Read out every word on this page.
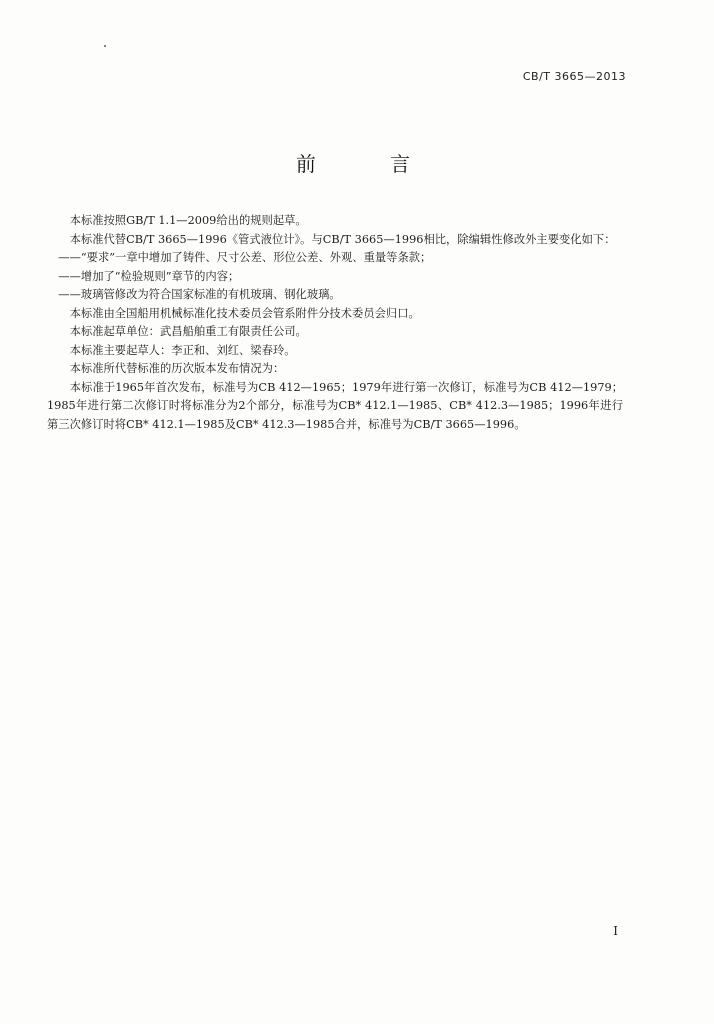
CB/T 3665—2013
前 言

本标准按照GB/T 1.1—2009给出的规则起草。

本标准代替CB/T 3665—1996《管式液位计》。与CB/T 3665—1996相比，除编辑性修改外主要变化如下：

——“要求”一章中增加了铸件、尺寸公差、形位公差、外观、重量等条款；

——增加了“检验规则”章节的内容；

——玻璃管修改为符合国家标准的有机玻璃、钢化玻璃。

本标准由全国船用机械标准化技术委员会管系附件分技术委员会归口。

本标准起草单位：武昌船舶重工有限责任公司。

本标准主要起草人：李正和、刘红、梁春玲。

本标准所代替标准的历次版本发布情况为：

本标准于1965年首次发布，标准号为CB 412—1965；1979年进行第一次修订，标准号为CB 412—1979；1985年进行第二次修订时将标准分为2个部分，标准号为CB* 412.1—1985、CB* 412.3—1985；1996年进行第三次修订时将CB* 412.1—1985及CB* 412.3—1985合并，标准号为CB/T 3665—1996。

I
